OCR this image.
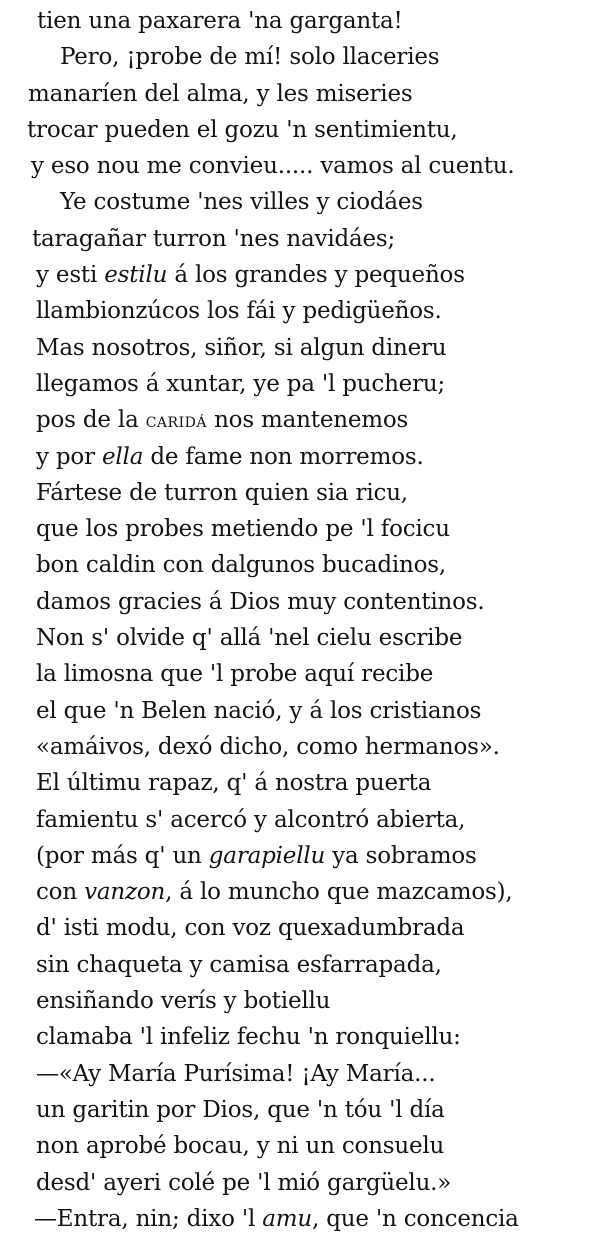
tien una paxarera 'na garganta!
Pero, ¡probe de mí! solo llaceries
manaríen del alma, y les miseries
trocar pueden el gozu 'n sentimientu,
y eso nou me convieu..... vamos al cuentu.
Ye costume 'nes villes y ciodáes
taragañar turron 'nes navidáes;
y esti estilu á los grandes y pequeños
llambionzúcos los fái y pedigüeños.
Mas nosotros, siñor, si algun dineru
llegamos á xuntar, ye pa 'l pucheru;
pos de la caridá nos mantenemos
y por ella de fame non morremos.
Fártese de turron quien sia ricu,
que los probes metiendo pe 'l focicu
bon caldin con dalgunos bucadinos,
damos gracies á Dios muy contentinos.
Non s' olvide q' allá 'nel cielu escribe
la limosna que 'l probe aquí recibe
el que 'n Belen nació, y á los cristianos
«amáivos, dexó dicho, como hermanos».
El últimu rapaz, q' á nostra puerta
famientu s' acercó y alcontró abierta,
(por más q' un garapiellu ya sobramos
con vanzon, á lo muncho que mazcamos),
d' isti modu, con voz quexadumbrada
sin chaqueta y camisa esfarrapada,
ensiñando verís y botiellu
clamaba 'l infeliz fechu 'n ronquiellu:
—«Ay María Purísima! ¡Ay María...
un garitin por Dios, que 'n tóu 'l día
non aprobé bocau, y ni un consuelu
desd' ayeri colé pe 'l mió gargüelu.»
—Entra, nin; dixo 'l amu, que 'n concencia
